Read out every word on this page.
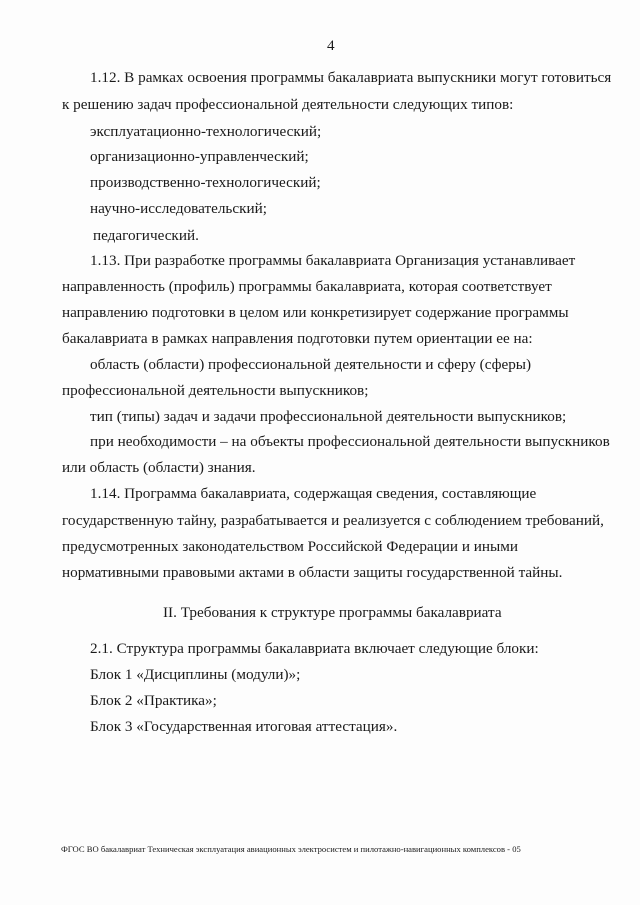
4
1.12. В рамках освоения программы бакалавриата выпускники могут готовиться
к решению задач профессиональной деятельности следующих типов:
эксплуатационно-технологический;
организационно-управленческий;
производственно-технологический;
научно-исследовательский;
педагогический.
1.13. При разработке программы бакалавриата Организация устанавливает
направленность (профиль) программы бакалавриата, которая соответствует
направлению подготовки в целом или конкретизирует содержание программы
бакалавриата в рамках направления подготовки путем ориентации ее на:
область (области) профессиональной деятельности и сферу (сферы)
профессиональной деятельности выпускников;
тип (типы) задач и задачи профессиональной деятельности выпускников;
при необходимости – на объекты профессиональной деятельности выпускников
или область (области) знания.
1.14. Программа бакалавриата, содержащая сведения, составляющие
государственную тайну, разрабатывается и реализуется с соблюдением требований,
предусмотренных законодательством Российской Федерации и иными
нормативными правовыми актами в области защиты государственной тайны.
II. Требования к структуре программы бакалавриата
2.1. Структура программы бакалавриата включает следующие блоки:
Блок 1 «Дисциплины (модули)»;
Блок 2 «Практика»;
Блок 3 «Государственная итоговая аттестация».
ФГОС ВО бакалавриат Техническая эксплуатация авиационных электросистем и пилотажно-навигационных комплексов - 05
